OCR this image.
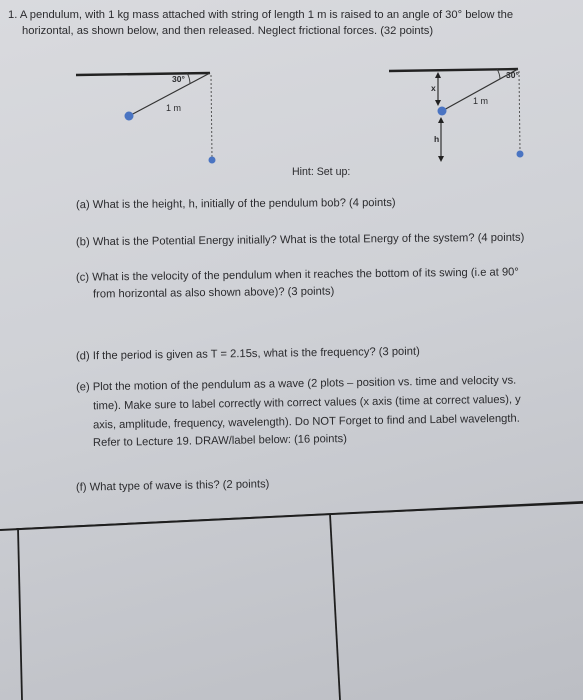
1. A pendulum, with 1 kg mass attached with string of length 1 m is raised to an angle of 30° below the
horizontal, as shown below, and then released. Neglect frictional forces. (32 points)
30°
1 m
30°
1 m
x
h
Hint: Set up:
(a) What is the height, h, initially of the pendulum bob? (4 points)
(b) What is the Potential Energy initially? What is the total Energy of the system? (4 points)
(c) What is the velocity of the pendulum when it reaches the bottom of its swing (i.e at 90°
from horizontal as also shown above)? (3 points)
(d) If the period is given as T = 2.15s, what is the frequency? (3 point)
(e) Plot the motion of the pendulum as a wave (2 plots – position vs. time and velocity vs.
time). Make sure to label correctly with correct values (x axis (time at correct values), y
axis, amplitude, frequency, wavelength). Do NOT Forget to find and Label wavelength.
Refer to Lecture 19. DRAW/label below: (16 points)
(f) What type of wave is this? (2 points)
